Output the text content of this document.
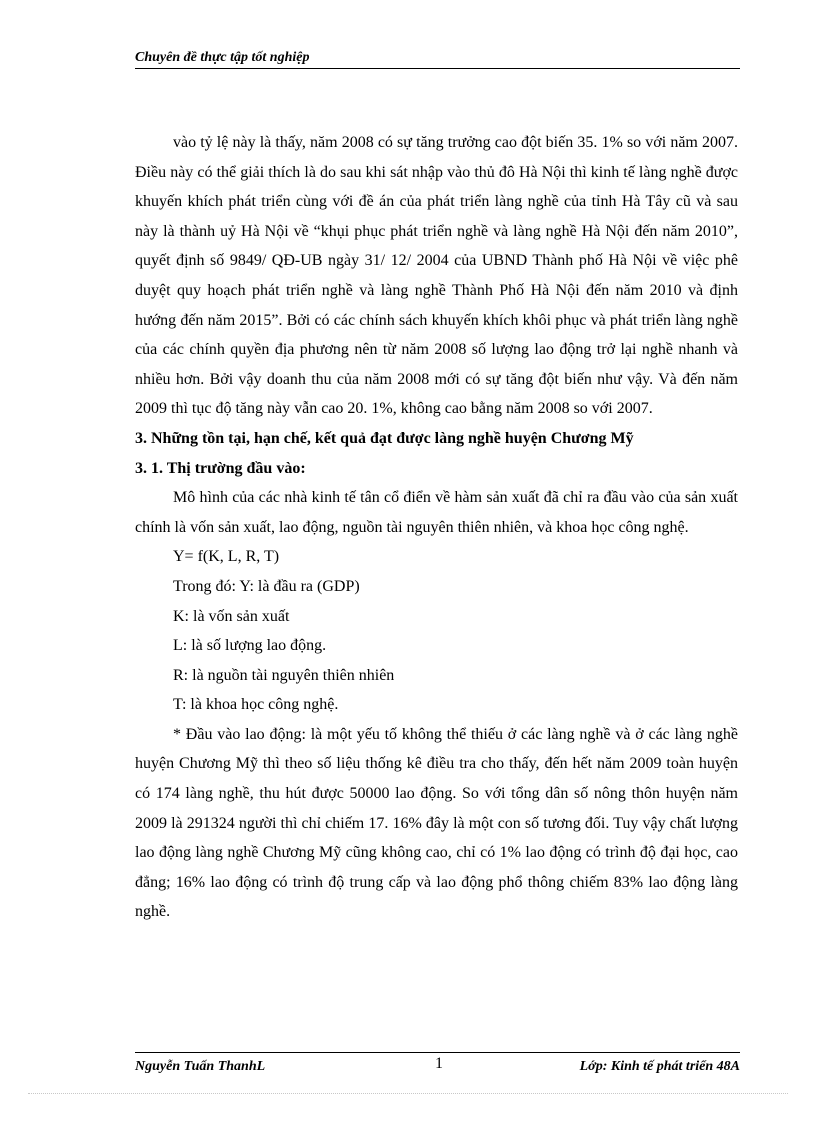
Chuyên đề thực tập tốt nghiệp

vào tỷ lệ này là thấy, năm 2008 có sự tăng trưởng cao đột biến 35. 1% so với năm 2007. Điều này có thể giải thích là do sau khi sát nhập vào thủ đô Hà Nội thì kinh tế làng nghề được khuyến khích phát triển cùng với đề án của phát triển làng nghề của tỉnh Hà Tây cũ và sau này là thành uỷ Hà Nội về “khụi phục phát triển nghề và làng nghề Hà Nội đến năm 2010”, quyết định số 9849/ QĐ-UB ngày 31/ 12/ 2004 của UBND Thành phố Hà Nội về việc phê duyệt quy hoạch phát triển nghề và làng nghề Thành Phố Hà Nội đến năm 2010 và định hướng đến năm 2015”. Bởi có các chính sách khuyến khích khôi phục và phát triển làng nghề của các chính quyền địa phương nên từ năm 2008 số lượng lao động trở lại nghề nhanh và nhiều hơn. Bởi vậy doanh thu của năm 2008 mới có sự tăng đột biến như vậy. Và đến năm 2009 thì tục độ tăng này vẫn cao 20. 1%, không cao bằng năm 2008 so với 2007.

3. Những tồn tại, hạn chế, kết quả đạt được làng nghề huyện Chương Mỹ

3. 1. Thị trường đầu vào:

Mô hình của các nhà kinh tế tân cổ điển về hàm sản xuất đã chỉ ra đầu vào của sản xuất chính là vốn sản xuất, lao động, nguồn tài nguyên thiên nhiên, và khoa học công nghệ.

Y= f(K, L, R, T)

Trong đó: Y: là đầu ra (GDP)

K: là vốn sản xuất

L: là số lượng lao động.

R: là nguồn tài nguyên thiên nhiên

T: là khoa học công nghệ.

* Đầu vào lao động: là một yếu tố không thể thiếu ở các làng nghề và ở các làng nghề huyện Chương Mỹ thì theo số liệu thống kê điều tra cho thấy, đến hết năm 2009 toàn huyện có 174 làng nghề, thu hút được 50000 lao động. So với tổng dân số nông thôn huyện năm 2009 là 291324 người thì chỉ chiếm 17. 16% đây là một con số tương đối. Tuy vậy chất lượng lao động làng nghề Chương Mỹ cũng không cao, chỉ có 1% lao động có trình độ đại học, cao đẳng; 16% lao động có trình độ trung cấp và lao động phổ thông chiếm 83% lao động làng nghề.

Nguyễn Tuấn ThanhL	1	Lớp: Kinh tế phát triển 48A
